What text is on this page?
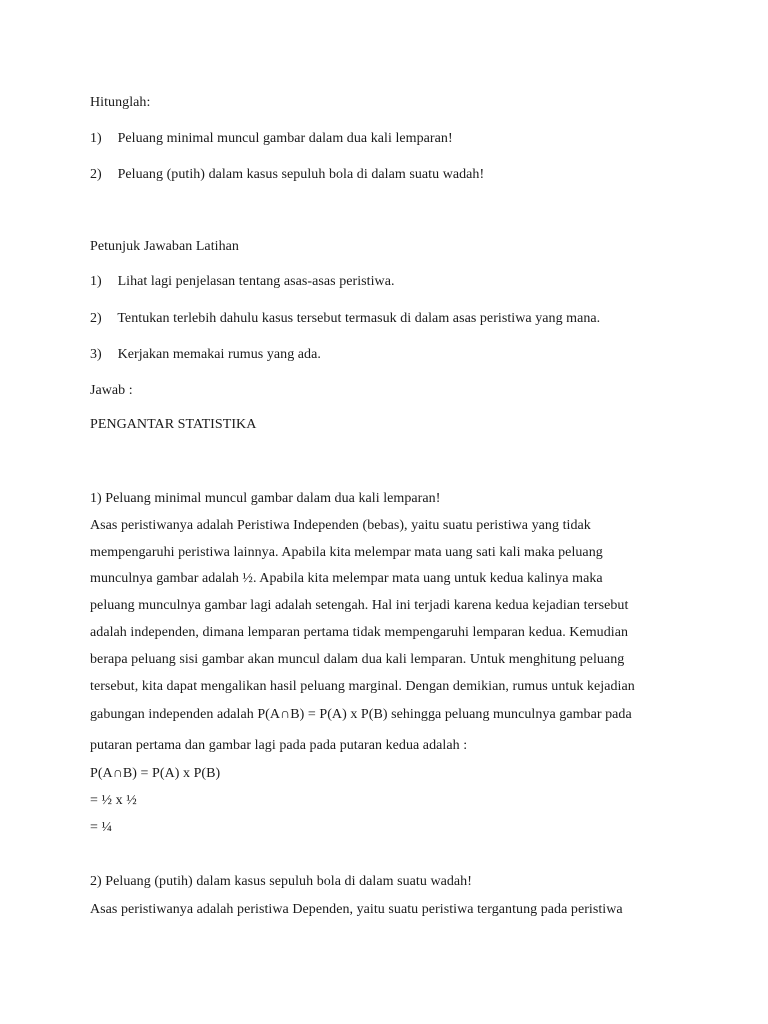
Hitunglah:
1) Peluang minimal muncul gambar dalam dua kali lemparan!
2) Peluang (putih) dalam kasus sepuluh bola di dalam suatu wadah!
Petunjuk Jawaban Latihan
1) Lihat lagi penjelasan tentang asas-asas peristiwa.
2) Tentukan terlebih dahulu kasus tersebut termasuk di dalam asas peristiwa yang mana.
3) Kerjakan memakai rumus yang ada.
Jawab :
PENGANTAR STATISTIKA
1) Peluang minimal muncul gambar dalam dua kali lemparan!
Asas peristiwanya adalah Peristiwa Independen (bebas), yaitu suatu peristiwa yang tidak
mempengaruhi peristiwa lainnya. Apabila kita melempar mata uang sati kali maka peluang
munculnya gambar adalah ½. Apabila kita melempar mata uang untuk kedua kalinya maka
peluang munculnya gambar lagi adalah setengah. Hal ini terjadi karena kedua kejadian tersebut
adalah independen, dimana lemparan pertama tidak mempengaruhi lemparan kedua. Kemudian
berapa peluang sisi gambar akan muncul dalam dua kali lemparan. Untuk menghitung peluang
tersebut, kita dapat mengalikan hasil peluang marginal. Dengan demikian, rumus untuk kejadian
gabungan independen adalah P(A∩B) = P(A) x P(B) sehingga peluang munculnya gambar pada
putaran pertama dan gambar lagi pada pada putaran kedua adalah :
P(A∩B) = P(A) x P(B)
= ½ x ½
= ¼
2) Peluang (putih) dalam kasus sepuluh bola di dalam suatu wadah!
Asas peristiwanya adalah peristiwa Dependen, yaitu suatu peristiwa tergantung pada peristiwa
